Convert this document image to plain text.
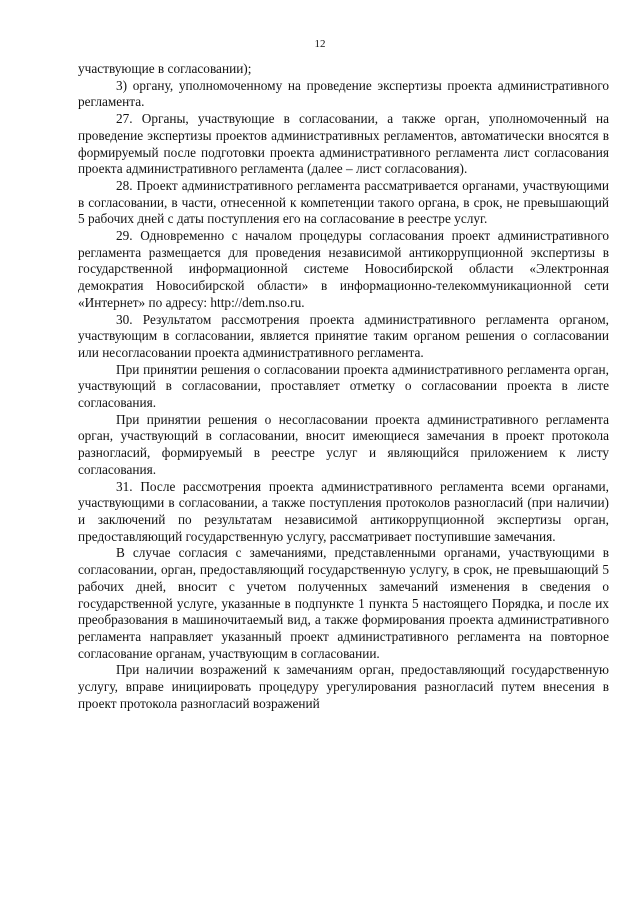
12

участвующие в согласовании);

3) органу, уполномоченному на проведение экспертизы проекта административного регламента.

27. Органы, участвующие в согласовании, а также орган, уполномоченный на проведение экспертизы проектов административных регламентов, автоматически вносятся в формируемый после подготовки проекта административного регламента лист согласования проекта административного регламента (далее – лист согласования).

28. Проект административного регламента рассматривается органами, участвующими в согласовании, в части, отнесенной к компетенции такого органа, в срок, не превышающий 5 рабочих дней с даты поступления его на согласование в реестре услуг.

29. Одновременно с началом процедуры согласования проект административного регламента размещается для проведения независимой антикоррупционной экспертизы в государственной информационной системе Новосибирской области «Электронная демократия Новосибирской области» в информационно-телекоммуникационной сети «Интернет» по адресу: http://dem.nso.ru.

30. Результатом рассмотрения проекта административного регламента органом, участвующим в согласовании, является принятие таким органом решения о согласовании или несогласовании проекта административного регламента.

При принятии решения о согласовании проекта административного регламента орган, участвующий в согласовании, проставляет отметку о согласовании проекта в листе согласования.

При принятии решения о несогласовании проекта административного регламента орган, участвующий в согласовании, вносит имеющиеся замечания в проект протокола разногласий, формируемый в реестре услуг и являющийся приложением к листу согласования.

31. После рассмотрения проекта административного регламента всеми органами, участвующими в согласовании, а также поступления протоколов разногласий (при наличии) и заключений по результатам независимой антикоррупционной экспертизы орган, предоставляющий государственную услугу, рассматривает поступившие замечания.

В случае согласия с замечаниями, представленными органами, участвующими в согласовании, орган, предоставляющий государственную услугу, в срок, не превышающий 5 рабочих дней, вносит с учетом полученных замечаний изменения в сведения о государственной услуге, указанные в подпункте 1 пункта 5 настоящего Порядка, и после их преобразования в машиночитаемый вид, а также формирования проекта административного регламента направляет указанный проект административного регламента на повторное согласование органам, участвующим в согласовании.

При наличии возражений к замечаниям орган, предоставляющий государственную услугу, вправе инициировать процедуру урегулирования разногласий путем внесения в проект протокола разногласий возражений
